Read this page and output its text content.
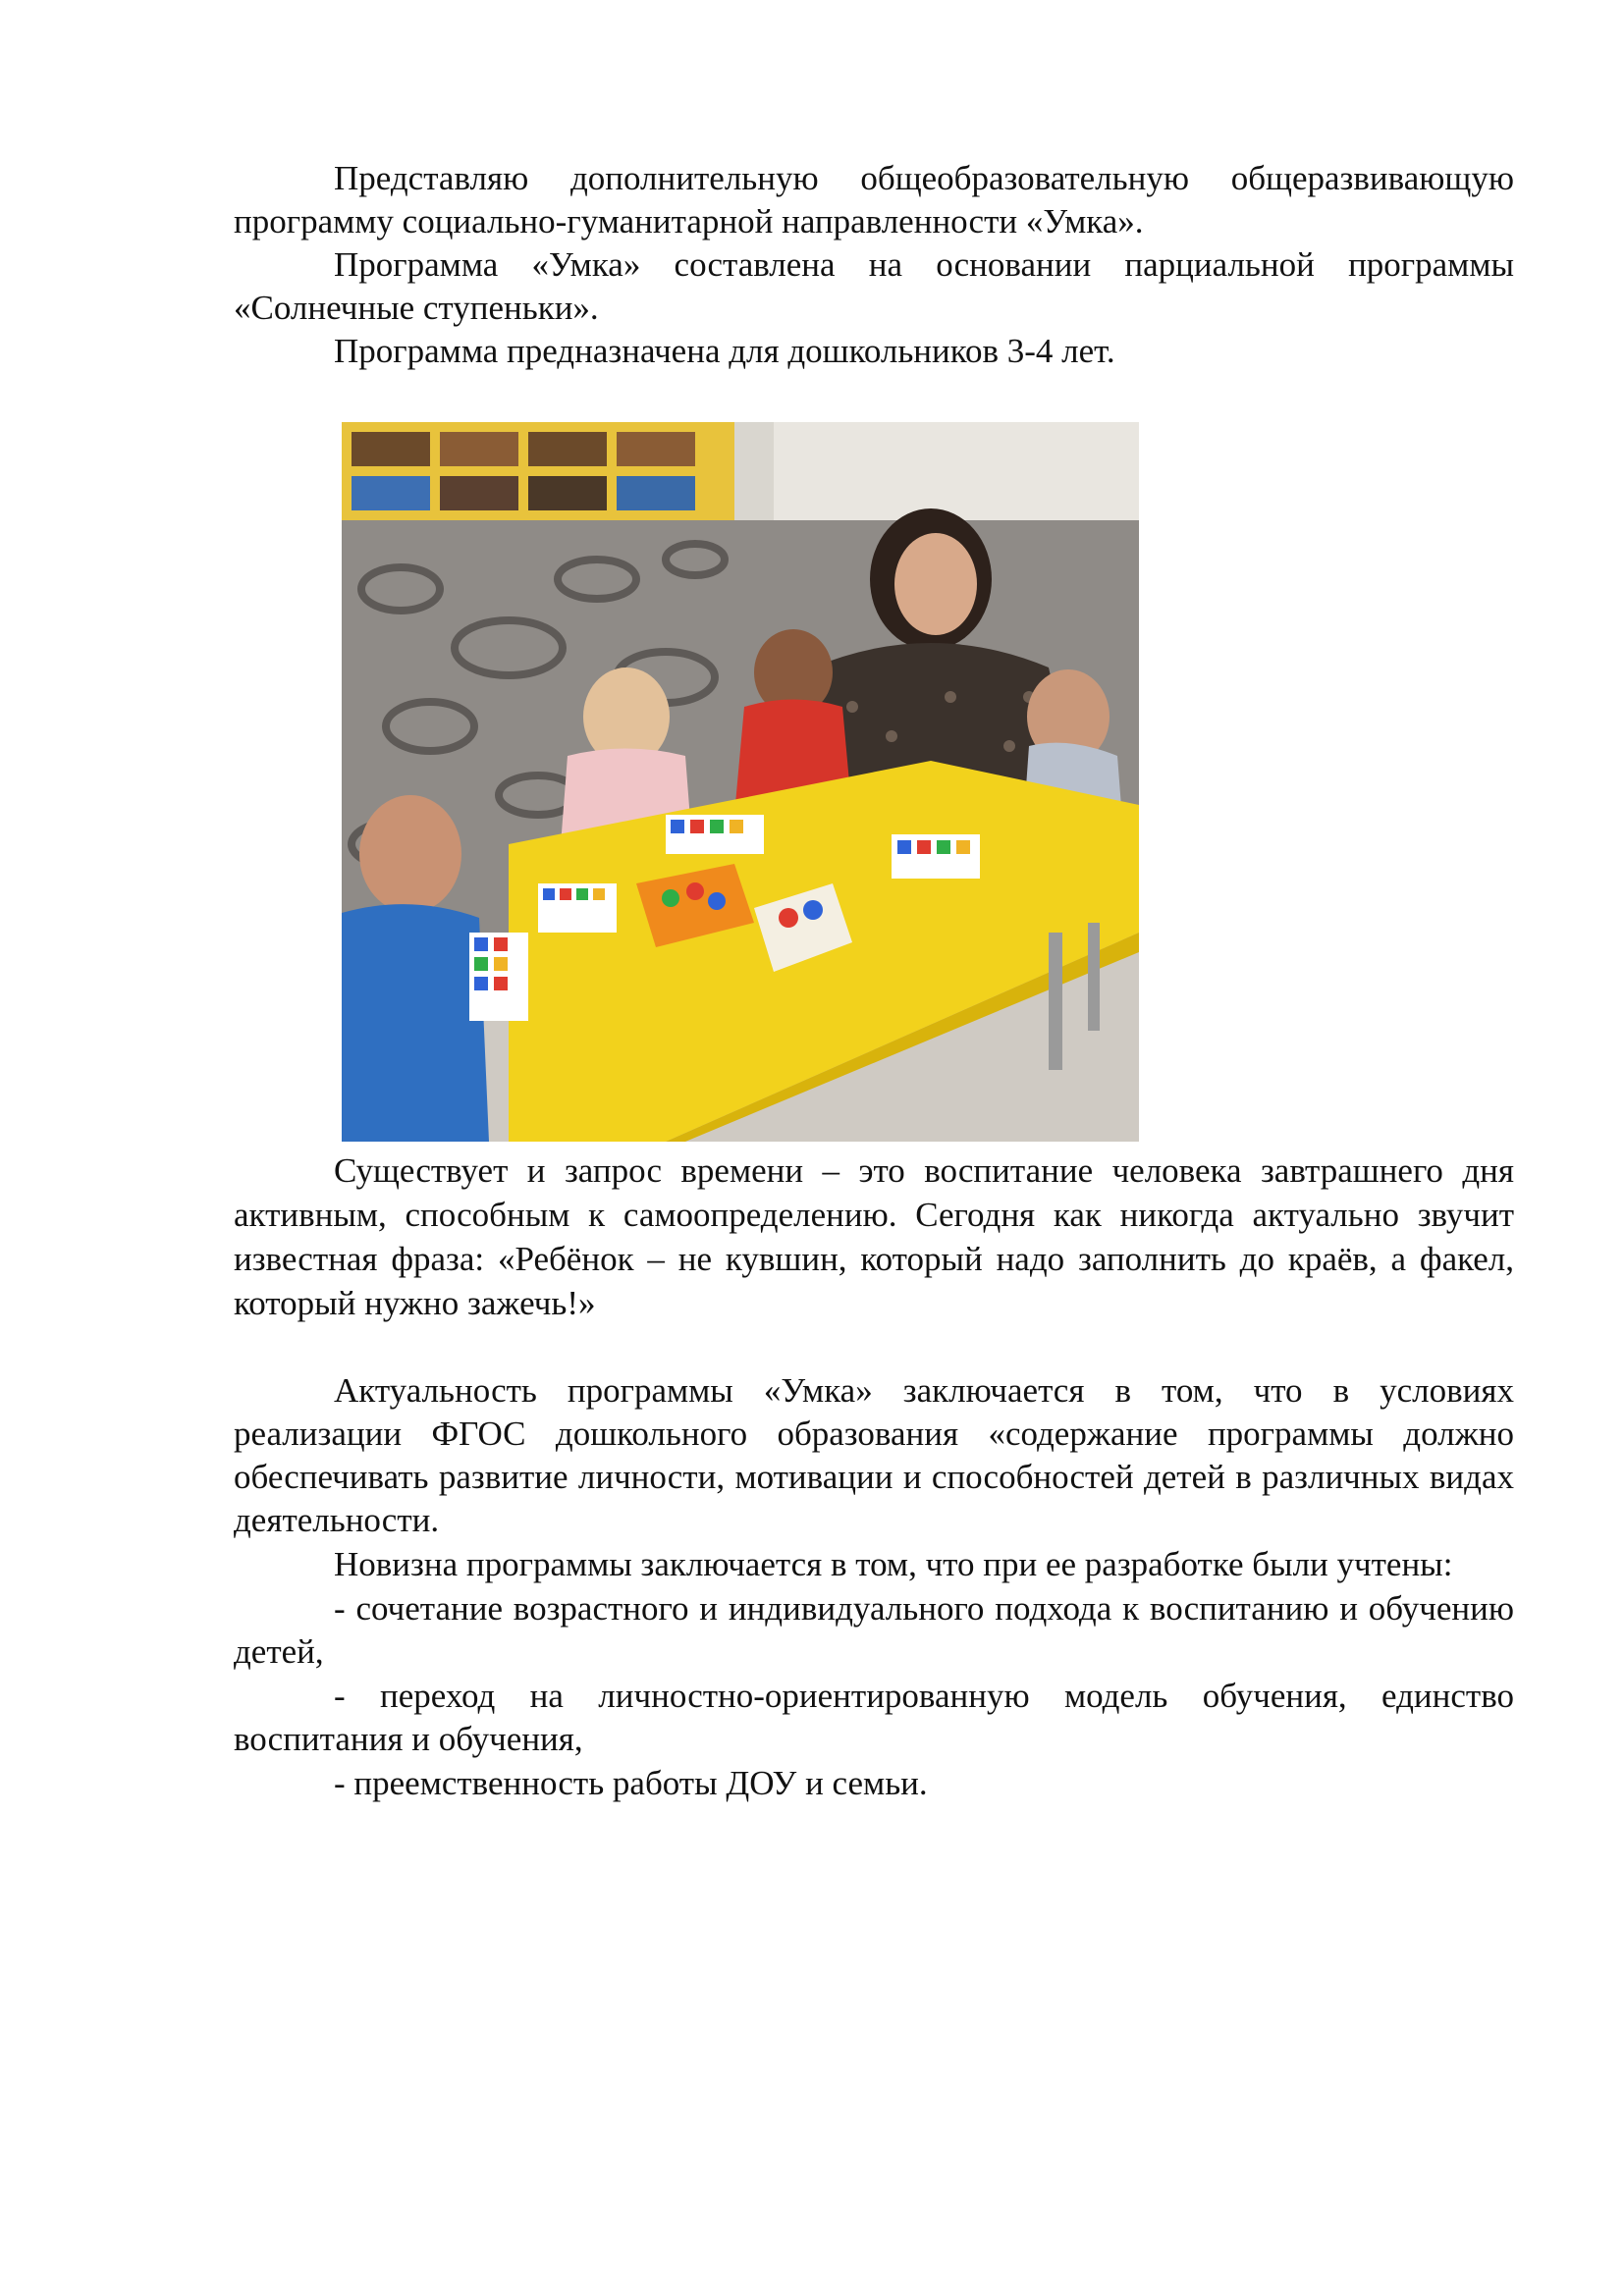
Представляю дополнительную общеобразовательную общеразвивающую программу социально-гуманитарной направленности «Умка».

Программа «Умка» составлена на основании парциальной программы «Солнечные ступеньки».

Программа предназначена для дошкольников 3-4 лет.

Существует и запрос времени – это воспитание человека завтрашнего дня активным, способным к самоопределению. Сегодня как никогда актуально звучит известная фраза: «Ребёнок – не кувшин, который надо заполнить до краёв, а факел, который нужно зажечь!»

Актуальность программы «Умка» заключается в том, что в условиях реализации ФГОС дошкольного образования «содержание программы должно обеспечивать развитие личности, мотивации и способностей детей в различных видах деятельности.

Новизна программы заключается в том, что при ее разработке были учтены:

- сочетание возрастного и индивидуального подхода к воспитанию и обучению детей,

- переход на личностно-ориентированную модель обучения, единство воспитания и обучения,

- преемственность работы ДОУ и семьи.
